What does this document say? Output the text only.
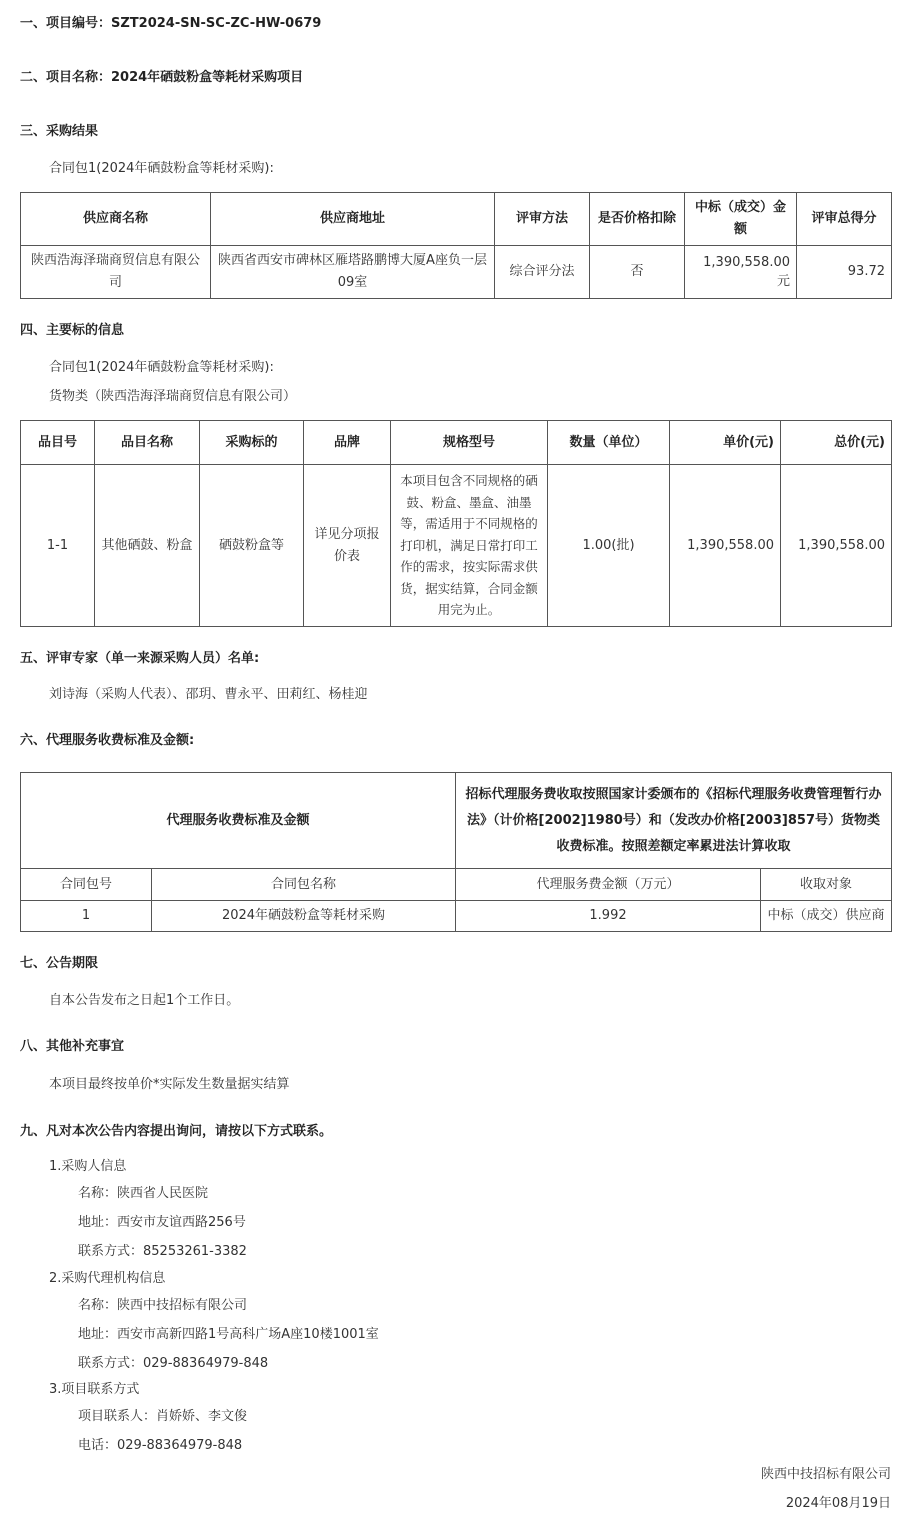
一、项目编号：SZT2024-SN-SC-ZC-HW-0679
二、项目名称：2024年硒鼓粉盒等耗材采购项目
三、采购结果
合同包1(2024年硒鼓粉盒等耗材采购):
供应商名称	供应商地址	评审方法	是否价格扣除	中标（成交）金额	评审总得分
陕西浩海泽瑞商贸信息有限公司	陕西省西安市碑林区雁塔路鹏博大厦A座负一层09室	综合评分法	否	1,390,558.00元	93.72
四、主要标的信息
合同包1(2024年硒鼓粉盒等耗材采购):
货物类（陕西浩海泽瑞商贸信息有限公司）
品目号	品目名称	采购标的	品牌	规格型号	数量（单位）	单价(元)	总价(元)
1-1	其他硒鼓、粉盒	硒鼓粉盒等	详见分项报价表	本项目包含不同规格的硒鼓、粉盒、墨盒、油墨等，需适用于不同规格的打印机，满足日常打印工作的需求，按实际需求供货，据实结算，合同金额用完为止。	1.00(批)	1,390,558.00	1,390,558.00
五、评审专家（单一来源采购人员）名单:
刘诗海（采购人代表）、邵玥、曹永平、田莉红、杨桂迎
六、代理服务收费标准及金额:
代理服务收费标准及金额		招标代理服务费收取按照国家计委颁布的《招标代理服务收费管理暂行办法》（计价格[2002]1980号）和（发改办价格[2003]857号）货物类收费标准。按照差额定率累进法计算收取	
合同包号	合同包名称	代理服务费金额（万元）	收取对象
1	2024年硒鼓粉盒等耗材采购	1.992	中标（成交）供应商
七、公告期限
自本公告发布之日起1个工作日。
八、其他补充事宜
本项目最终按单价*实际发生数量据实结算
九、凡对本次公告内容提出询问，请按以下方式联系。
1.采购人信息
名称：陕西省人民医院
地址：西安市友谊西路256号
联系方式：85253261-3382
2.采购代理机构信息
名称：陕西中技招标有限公司
地址：西安市高新四路1号高科广场A座10楼1001室
联系方式：029-88364979-848
3.项目联系方式
项目联系人：肖娇娇、李文俊
电话：029-88364979-848
陕西中技招标有限公司
2024年08月19日
